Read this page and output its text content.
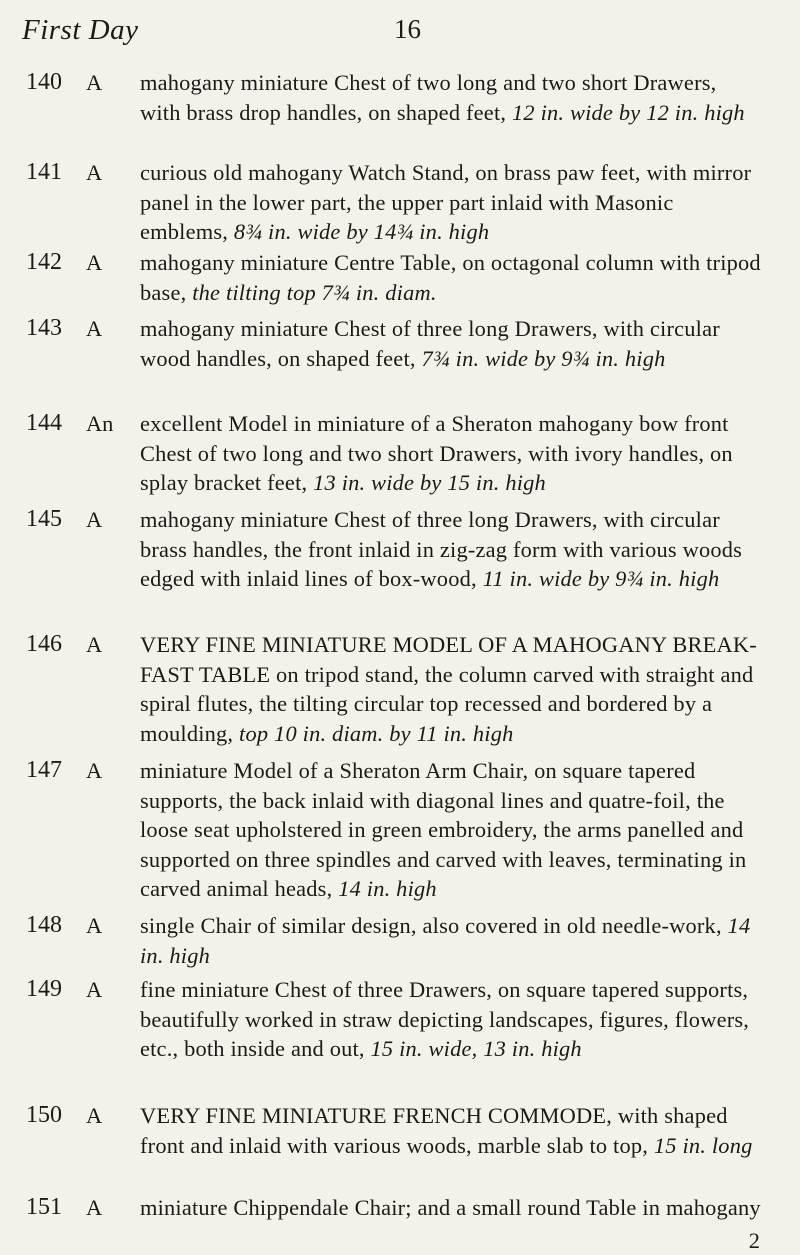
First Day	16
140	A mahogany miniature Chest of two long and two short Drawers, with brass drop handles, on shaped feet, 12 in. wide by 12 in. high
141	A curious old mahogany Watch Stand, on brass paw feet, with mirror panel in the lower part, the upper part inlaid with Masonic emblems, 8¾ in. wide by 14¾ in. high
142	A mahogany miniature Centre Table, on octagonal column with tripod base, the tilting top 7¾ in. diam.
143	A mahogany miniature Chest of three long Drawers, with circular wood handles, on shaped feet, 7¾ in. wide by 9¾ in. high
144	An excellent Model in miniature of a Sheraton mahogany bow front Chest of two long and two short Drawers, with ivory handles, on splay bracket feet, 13 in. wide by 15 in. high
145	A mahogany miniature Chest of three long Drawers, with circular brass handles, the front inlaid in zig-zag form with various woods edged with inlaid lines of box-wood, 11 in. wide by 9¾ in. high
146	A VERY FINE MINIATURE MODEL OF A MAHOGANY BREAK-FAST TABLE on tripod stand, the column carved with straight and spiral flutes, the tilting circular top recessed and bordered by a moulding, top 10 in. diam. by 11 in. high
147	A miniature Model of a Sheraton Arm Chair, on square tapered supports, the back inlaid with diagonal lines and quatre-foil, the loose seat upholstered in green embroidery, the arms panelled and supported on three spindles and carved with leaves, terminating in carved animal heads, 14 in. high
148	A single Chair of similar design, also covered in old needle-work, 14 in. high
149	A fine miniature Chest of three Drawers, on square tapered supports, beautifully worked in straw depicting landscapes, figures, flowers, etc., both inside and out, 15 in. wide, 13 in. high
150	A VERY FINE MINIATURE FRENCH COMMODE, with shaped front and inlaid with various woods, marble slab to top, 15 in. long
151	A miniature Chippendale Chair; and a small round Table in mahogany
2
